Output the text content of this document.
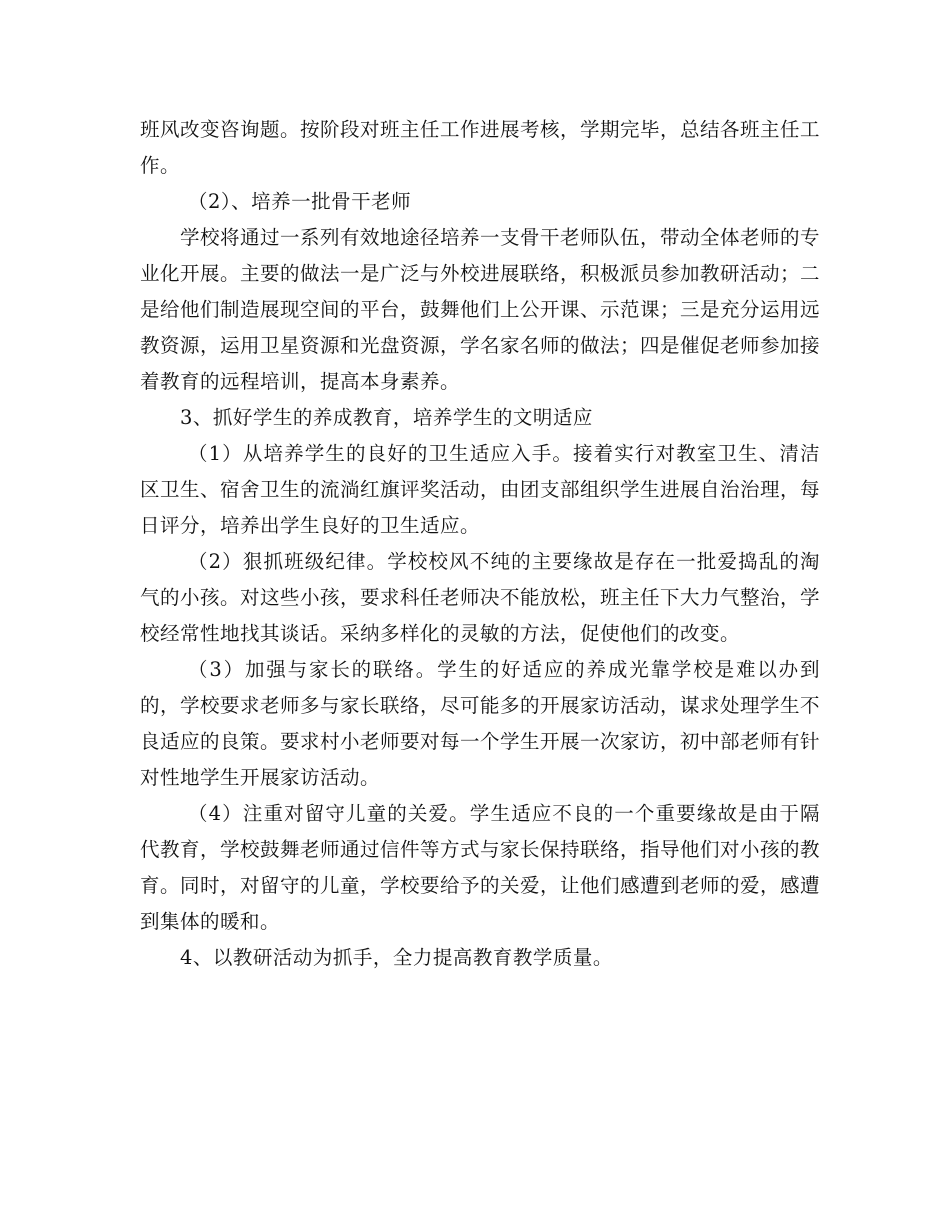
班风改变咨询题。按阶段对班主任工作进展考核，学期完毕，总结各班主任工作。

（2）、培养一批骨干老师

学校将通过一系列有效地途径培养一支骨干老师队伍，带动全体老师的专业化开展。主要的做法一是广泛与外校进展联络，积极派员参加教研活动；二是给他们制造展现空间的平台，鼓舞他们上公开课、示范课；三是充分运用远教资源，运用卫星资源和光盘资源，学名家名师的做法；四是催促老师参加接着教育的远程培训，提高本身素养。

3、抓好学生的养成教育，培养学生的文明适应

（1）从培养学生的良好的卫生适应入手。接着实行对教室卫生、清洁区卫生、宿舍卫生的流淌红旗评奖活动，由团支部组织学生进展自治治理，每日评分，培养出学生良好的卫生适应。

（2）狠抓班级纪律。学校校风不纯的主要缘故是存在一批爱捣乱的淘气的小孩。对这些小孩，要求科任老师决不能放松，班主任下大力气整治，学校经常性地找其谈话。采纳多样化的灵敏的方法，促使他们的改变。

（3）加强与家长的联络。学生的好适应的养成光靠学校是难以办到的，学校要求老师多与家长联络，尽可能多的开展家访活动，谋求处理学生不良适应的良策。要求村小老师要对每一个学生开展一次家访，初中部老师有针对性地学生开展家访活动。

（4）注重对留守儿童的关爱。学生适应不良的一个重要缘故是由于隔代教育，学校鼓舞老师通过信件等方式与家长保持联络，指导他们对小孩的教育。同时，对留守的儿童，学校要给予的关爱，让他们感遭到老师的爱，感遭到集体的暖和。

4、以教研活动为抓手，全力提高教育教学质量。
